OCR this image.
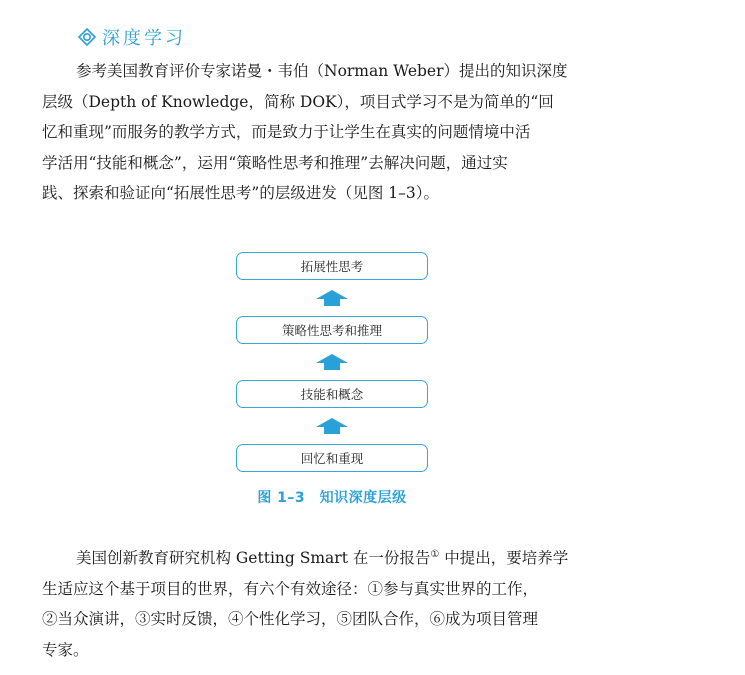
深度学习

参考美国教育评价专家诺曼・韦伯（Norman Weber）提出的知识深度
层级（Depth of Knowledge，简称 DOK），项目式学习不是为简单的“回
忆和重现”而服务的教学方式，而是致力于让学生在真实的问题情境中活
学活用“技能和概念”，运用“策略性思考和推理”去解决问题，通过实
践、探索和验证向“拓展性思考”的层级进发（见图 1–3）。

拓展性思考
策略性思考和推理
技能和概念
回忆和重现
图 1–3　知识深度层级

美国创新教育研究机构 Getting Smart 在一份报告① 中提出，要培养学
生适应这个基于项目的世界，有六个有效途径：①参与真实世界的工作，
②当众演讲，③实时反馈，④个性化学习，⑤团队合作，⑥成为项目管理
专家。
